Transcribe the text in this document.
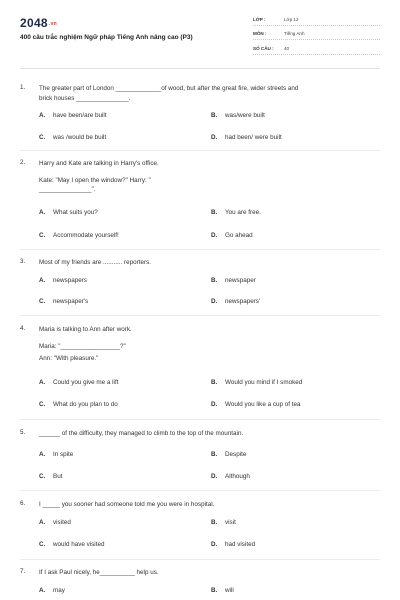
2048.vn
400 câu trắc nghiệm Ngữ pháp Tiếng Anh nâng cao (P3)
LỚP :	Lớp 12
MÔN :	Tiếng Anh
SỐ CÂU : 40
1. The greater part of London _____________of wood, but after the great fire, wider streets and
brick houses _______________.
A. have been/are built	B. was/were built
C. was /would be built	D. had been/ were built
2. Harry and Kate are talking in Harry's office.
Kate: "May I open the window?" Harry: "
_______________".
A. What suits you?	B. You are free.
C. Accommodate yourself!	D. Go ahead
3. Most of my friends are ........... reporters.
A. newspapers	B. newspaper
C. newspaper's	D. newspapers'
4. Maria is talking to Ann after work.
Maria: "_________________?"
Ann: "With pleasure."
A. Could you give me a lift	B. Would you mind if I smoked
C. What do you plan to do	D. Would you like a cup of tea
5. ______ of the difficulty, they managed to climb to the top of the mountain.
A. In spite	B. Despite
C. But	D. Although
6. I _____ you sooner had someone told me you were in hospital.
A. visited	B. visit
C. would have visited	D. had visited
7. If I ask Paul nicely, he__________ help us.
A. may	B. will
